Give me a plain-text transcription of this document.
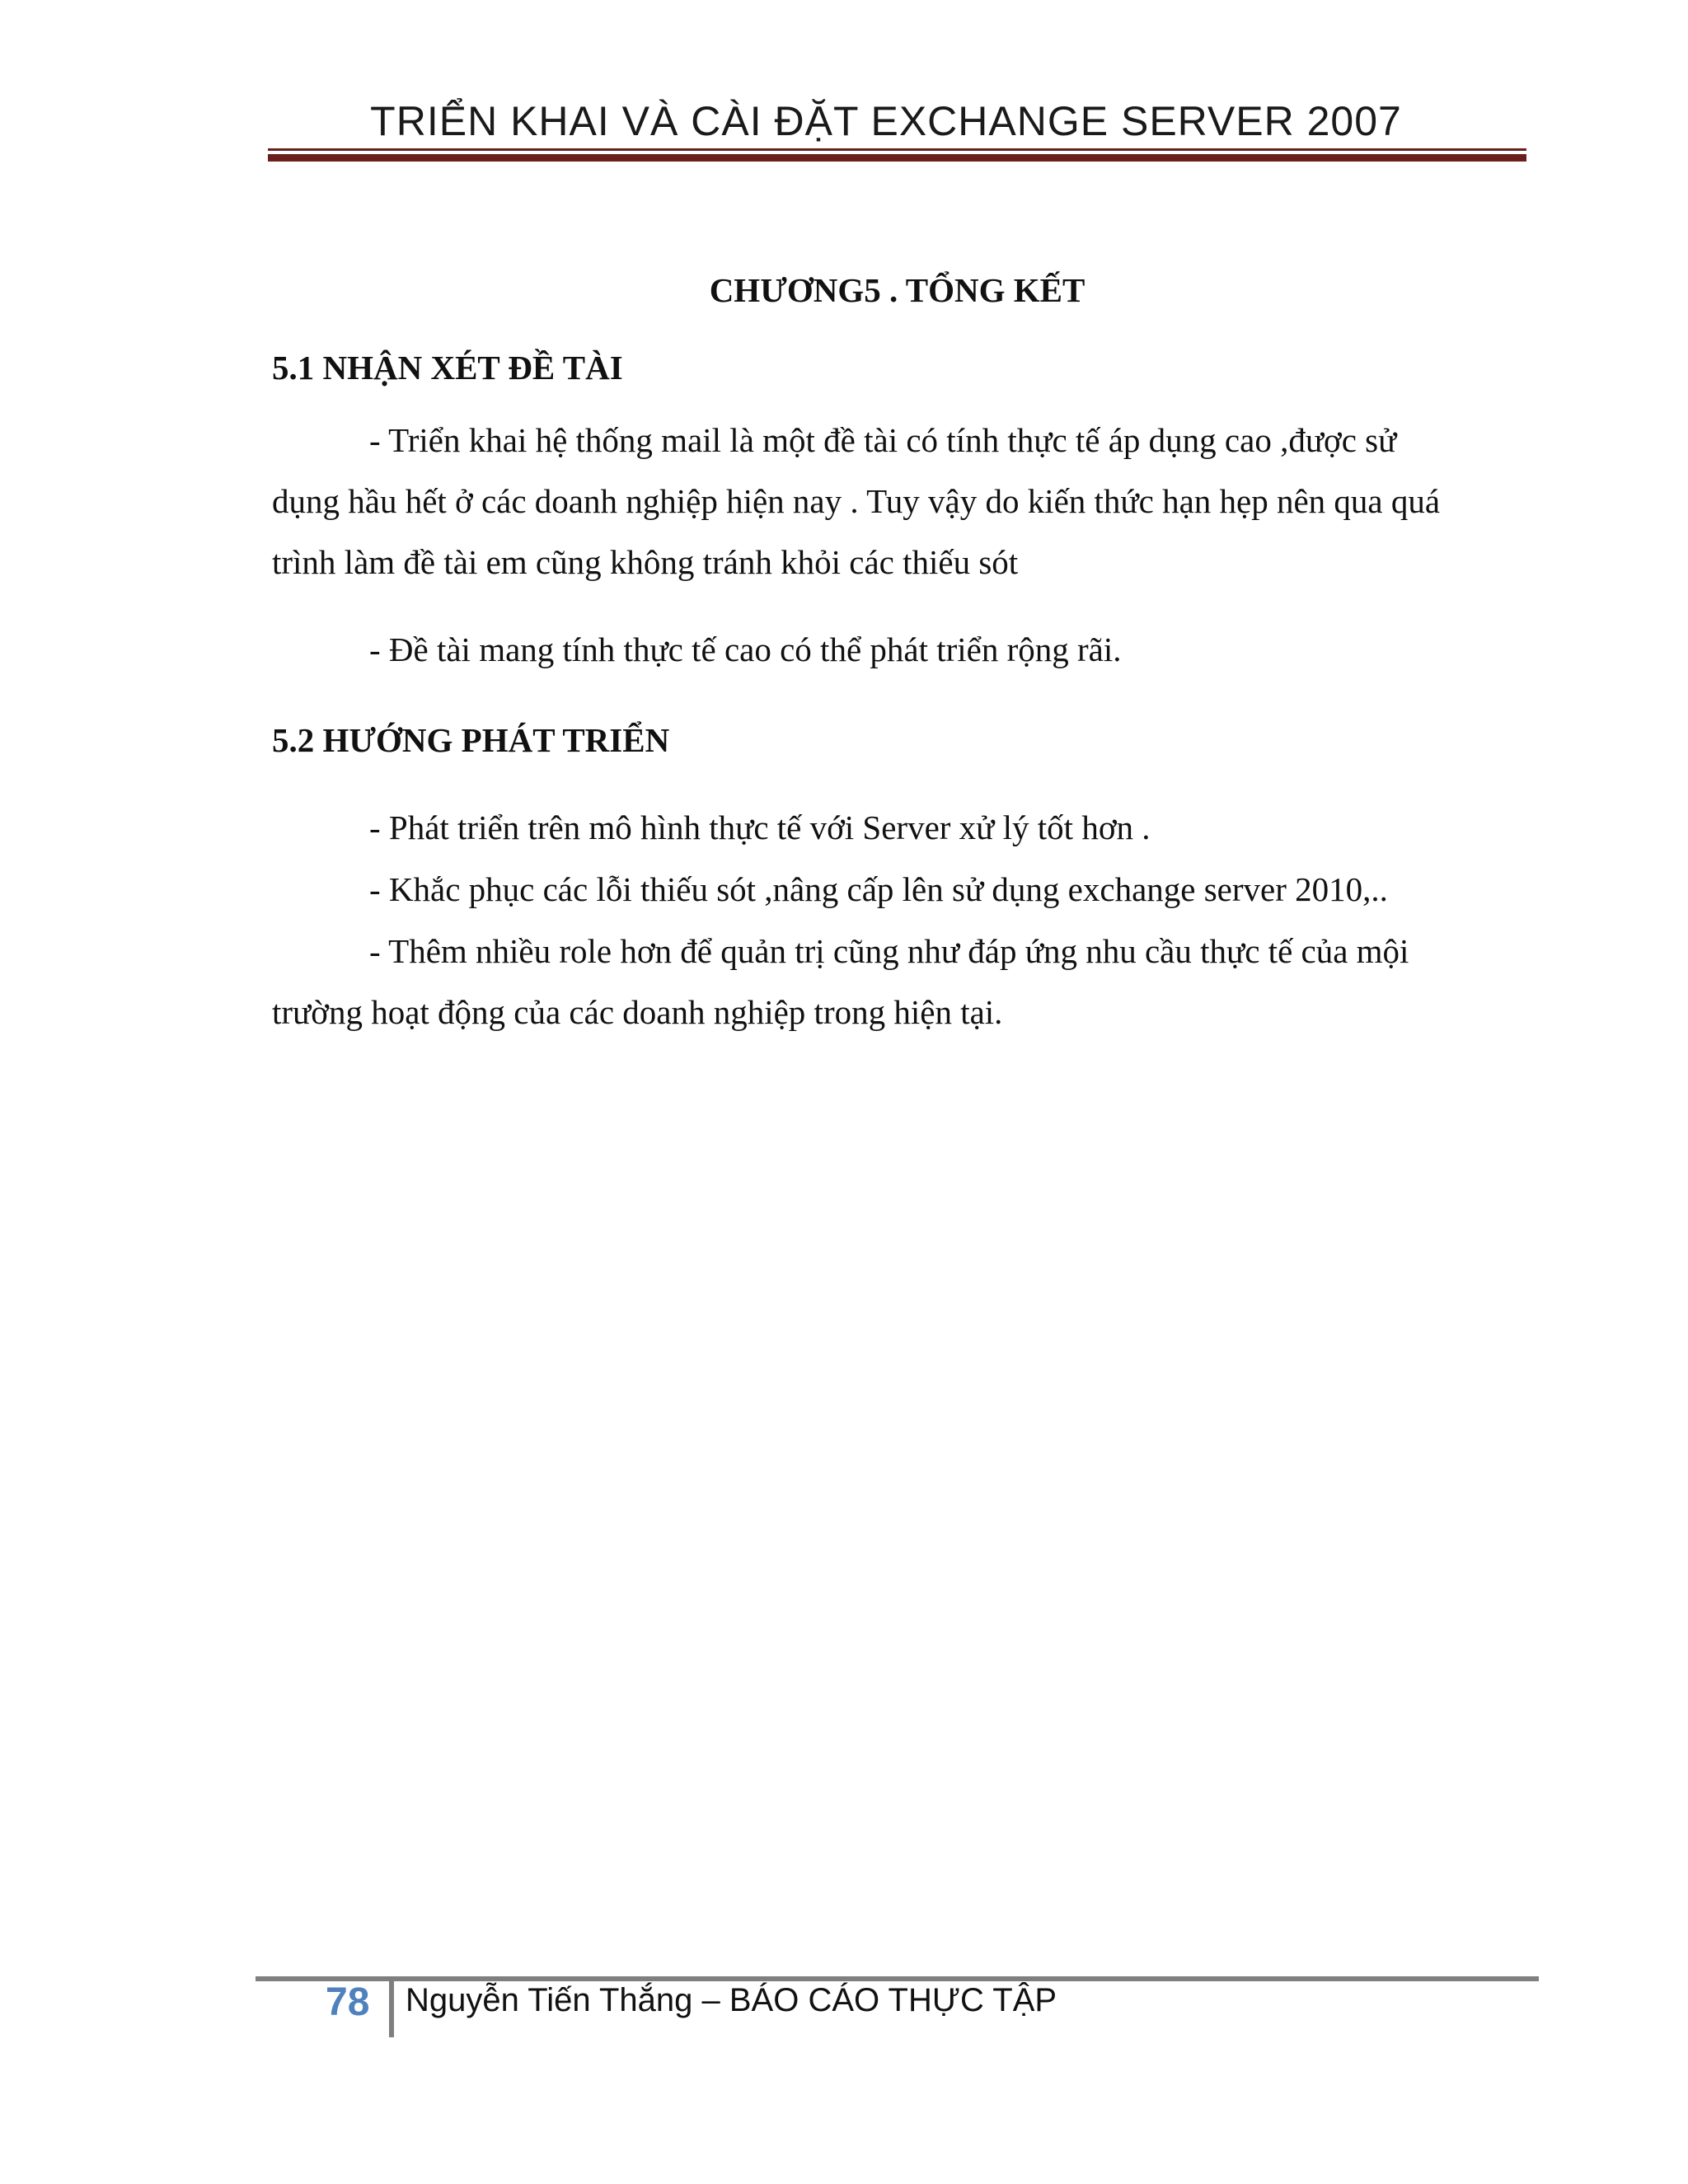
TRIỂN KHAI VÀ CÀI ĐẶT EXCHANGE SERVER 2007
CHƯƠNG5 . TỔNG KẾT
5.1 NHẬN XÉT ĐỀ TÀI
- Triển khai hệ thống mail là một đề tài có tính thực tế áp dụng cao ,được sử
dụng hầu hết ở các doanh nghiệp hiện nay . Tuy vậy do kiến thức hạn hẹp nên qua quá
trình làm đề tài em cũng không tránh khỏi các thiếu sót
- Đề tài mang tính thực tế cao có thể phát triển rộng rãi.
5.2 HƯỚNG PHÁT TRIỂN
- Phát triển trên mô hình thực tế với Server xử lý tốt hơn .
- Khắc phục các lỗi thiếu sót ,nâng cấp lên sử dụng exchange server 2010,..
- Thêm nhiều role hơn để quản trị cũng như đáp ứng nhu cầu thực tế của mội
trường hoạt động của các doanh nghiệp trong hiện tại.
78 Nguyễn Tiến Thắng – BÁO CÁO THỰC TẬP
